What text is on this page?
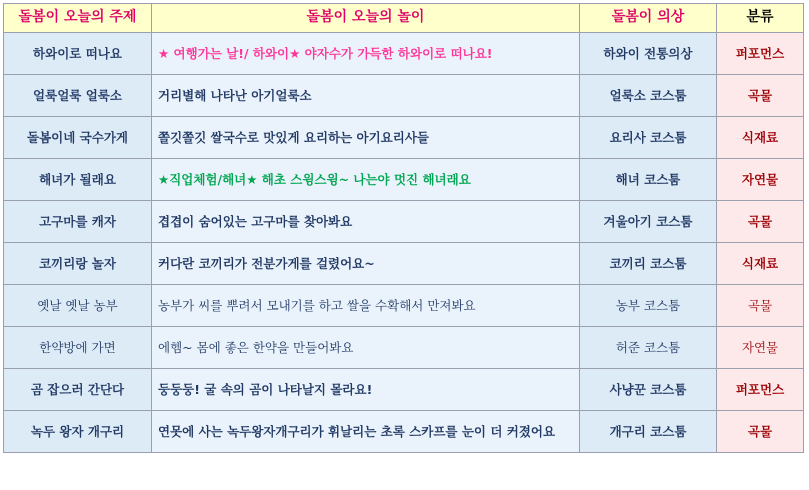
돌봄이 오늘의 주제	돌봄이 오늘의 놀이	돌봄이 의상	분류
하와이로 떠나요	★ 여행가는 날!/ 하와이★ 야자수가 가득한 하와이로 떠나요!	하와이 전통의상	퍼포먼스
얼룩얼룩 얼룩소	거리별해 나타난 아기얼룩소	얼룩소 코스툼	곡물
돌봄이네 국수가게	쫄깃쫄깃 쌀국수로 맛있게 요리하는 아기요리사들	요리사 코스툼	식재료
해녀가 될래요	★직업체험/해녀★ 해초 스윙스윙~ 나는야 멋진 해녀래요	해녀 코스툼	자연물
고구마를 캐자	겹겹이 숨어있는 고구마를 찾아봐요	겨울아기 코스툼	곡물
코끼리랑 놀자	커다란 코끼리가 전분가게를 걸렸어요~	코끼리 코스툼	식재료
옛날 옛날 농부	농부가 씨를 뿌려서 모내기를 하고 쌀을 수확해서 만져봐요	농부 코스툼	곡물
한약방에 가면	에헴~ 몸에 좋은 한약을 만들어봐요	허준 코스툼	자연물
곰 잡으러 간단다	둥둥둥! 굴 속의 곰이 나타날지 몰라요!	사냥꾼 코스툼	퍼포먼스
녹두 왕자 개구리	연못에 사는 녹두왕자개구리가 휘날리는 초록 스카프를 눈이 더 커졌어요	개구리 코스툼	곡물
